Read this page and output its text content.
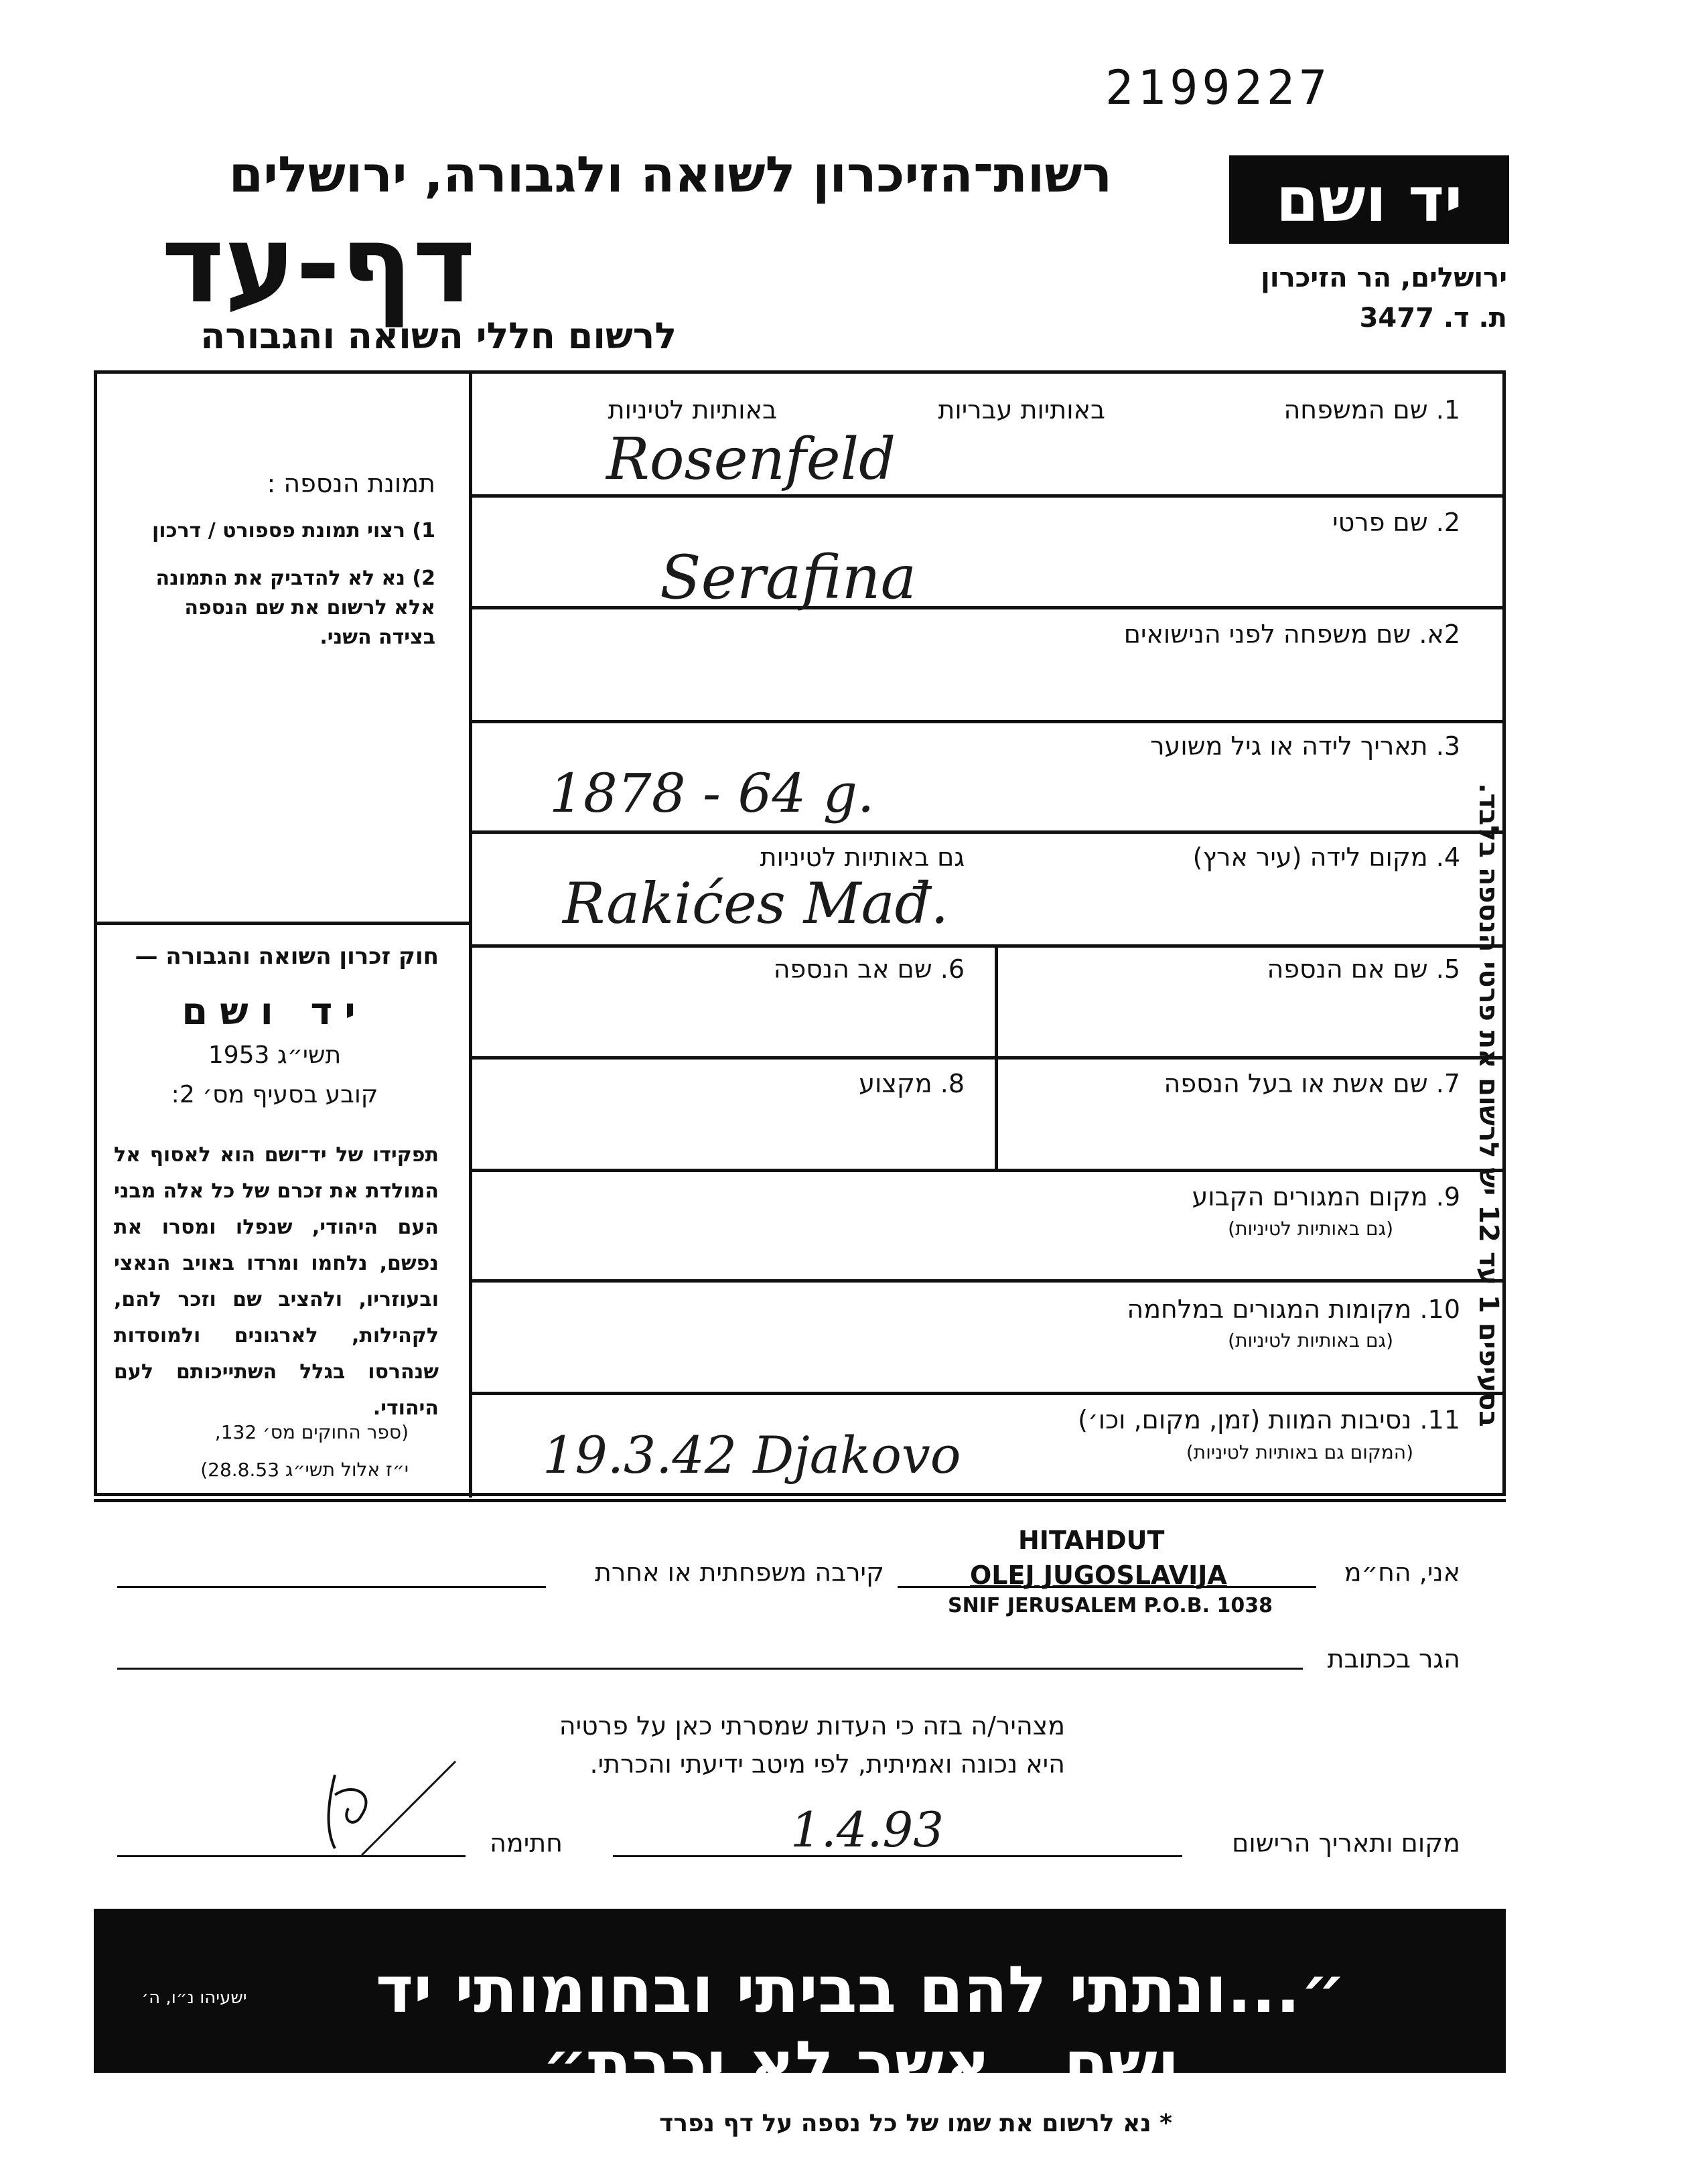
2199227
יד ושם
ירושלים, הר הזיכרון
ת. ד. 3477
רשות־הזיכרון לשואה ולגבורה, ירושלים
דף-עד
לרשום חללי השואה והגבורה
תמונת הנספה :
1) רצוי תמונת פספורט / דרכון
2) נא לא להדביק את התמונה אלא לרשום את שם הנספה בצידה השני.
חוק זכרון השואה והגבורה —
יד ושם
תשי״ג 1953
קובע בסעיף מס׳ 2:
תפקידו של יד־ושם הוא לאסוף אל המולדת את זכרם של כל אלה מבני העם היהודי, שנפלו ומסרו את נפשם, נלחמו ומרדו באויב הנאצי ובעוזריו, ולהציב שם וזכר להם, לקהילות, לארגונים ולמוסדות שנהרסו בגלל השתייכותם לעם היהודי.
(ספר החוקים מס׳ 132,
י״ז אלול תשי״ג 28.8.53)
1. שם המשפחה
באותיות עבריות
באותיות לטיניות
Rosenfeld
2. שם פרטי
Serafina
2א. שם משפחה לפני הנישואים
3. תאריך לידה או גיל משוער
1878 - 64 g.
4. מקום לידה (עיר ארץ)
גם באותיות לטיניות
Rakićes Mađ.
5. שם אם הנספה
6. שם אב הנספה
7. שם אשת או בעל הנספה
8. מקצוע
9. מקום המגורים הקבוע
(גם באותיות לטיניות)
10. מקומות המגורים במלחמה
(גם באותיות לטיניות)
11. נסיבות המוות (זמן, מקום, וכו׳)
(המקום גם באותיות לטיניות)
19.3.42 Djakovo
בסעיפים 1 עד 12 יש לרשום את פרטי הנספה בלבד.
אני, הח״מ
HITAHDUT
OLEJ JUGOSLAVIJA
SNIF JERUSALEM P.O.B. 1038
קירבה משפחתית או אחרת
הגר בכתובת
מצהיר/ה בזה כי העדות שמסרתי כאן על פרטיה
היא נכונה ואמיתית, לפי מיטב ידיעתי והכרתי.
מקום ותאריך הרישום
1.4.93
חתימה
״...ונתתי להם בביתי ובחומותי יד ושם...אשר לא יכרת״
ישעיהו נ״ו, ה׳
* נא לרשום את שמו של כל נספה על דף נפרד
